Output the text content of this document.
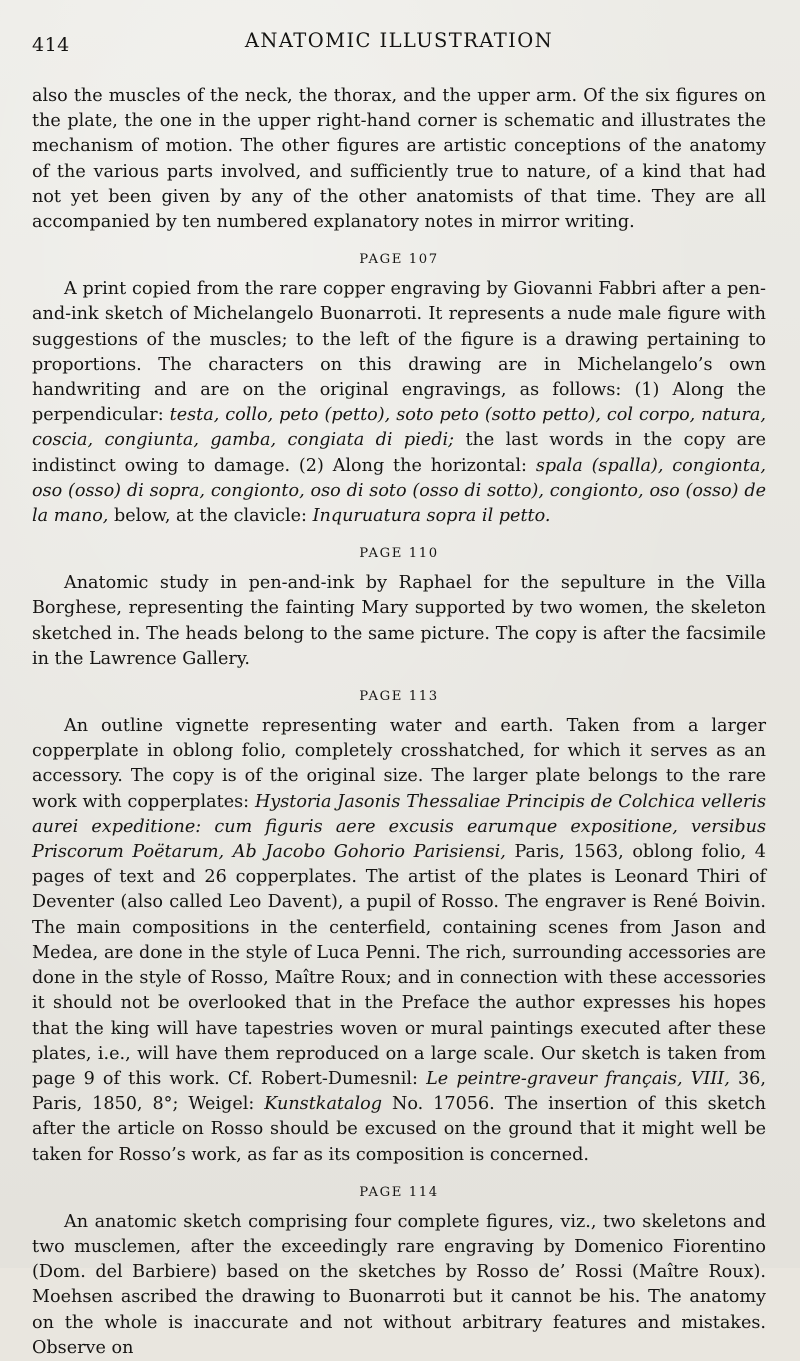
414	ANATOMIC ILLUSTRATION

also the muscles of the neck, the thorax, and the upper arm. Of the six figures on the plate, the one in the upper right-hand corner is schematic and illustrates the mechanism of motion. The other figures are artistic conceptions of the anatomy of the various parts involved, and sufficiently true to nature, of a kind that had not yet been given by any of the other anatomists of that time. They are all accompanied by ten numbered explanatory notes in mirror writing.

PAGE 107

A print copied from the rare copper engraving by Giovanni Fabbri after a pen-and-ink sketch of Michelangelo Buonarroti. It represents a nude male figure with suggestions of the muscles; to the left of the figure is a drawing pertaining to proportions. The characters on this drawing are in Michelangelo’s own handwriting and are on the original engravings, as follows: (1) Along the perpendicular: testa, collo, peto (petto), soto peto (sotto petto), col corpo, natura, coscia, congiunta, gamba, congiata di piedi; the last words in the copy are indistinct owing to damage. (2) Along the horizontal: spala (spalla), congionta, oso (osso) di sopra, congionto, oso di soto (osso di sotto), congionto, oso (osso) de la mano, below, at the clavicle: Inquruatura sopra il petto.

PAGE 110

Anatomic study in pen-and-ink by Raphael for the sepulture in the Villa Borghese, representing the fainting Mary supported by two women, the skeleton sketched in. The heads belong to the same picture. The copy is after the facsimile in the Lawrence Gallery.

PAGE 113

An outline vignette representing water and earth. Taken from a larger copperplate in oblong folio, completely crosshatched, for which it serves as an accessory. The copy is of the original size. The larger plate belongs to the rare work with copperplates: Hystoria Jasonis Thessaliae Principis de Colchica velleris aurei expeditione: cum figuris aere excusis earumque expositione, versibus Priscorum Poëtarum, Ab Jacobo Gohorio Parisiensi, Paris, 1563, oblong folio, 4 pages of text and 26 copperplates. The artist of the plates is Leonard Thiri of Deventer (also called Leo Davent), a pupil of Rosso. The engraver is René Boivin. The main compositions in the centerfield, containing scenes from Jason and Medea, are done in the style of Luca Penni. The rich, surrounding accessories are done in the style of Rosso, Maître Roux; and in connection with these accessories it should not be overlooked that in the Preface the author expresses his hopes that the king will have tapestries woven or mural paintings executed after these plates, i.e., will have them reproduced on a large scale. Our sketch is taken from page 9 of this work. Cf. Robert-Dumesnil: Le peintre-graveur français, VIII, 36, Paris, 1850, 8°; Weigel: Kunstkatalog No. 17056. The insertion of this sketch after the article on Rosso should be excused on the ground that it might well be taken for Rosso’s work, as far as its composition is concerned.

PAGE 114

An anatomic sketch comprising four complete figures, viz., two skeletons and two musclemen, after the exceedingly rare engraving by Domenico Fiorentino (Dom. del Barbiere) based on the sketches by Rosso de’ Rossi (Maître Roux). Moehsen ascribed the drawing to Buonarroti but it cannot be his. The anatomy on the whole is inaccurate and not without arbitrary features and mistakes. Observe on
